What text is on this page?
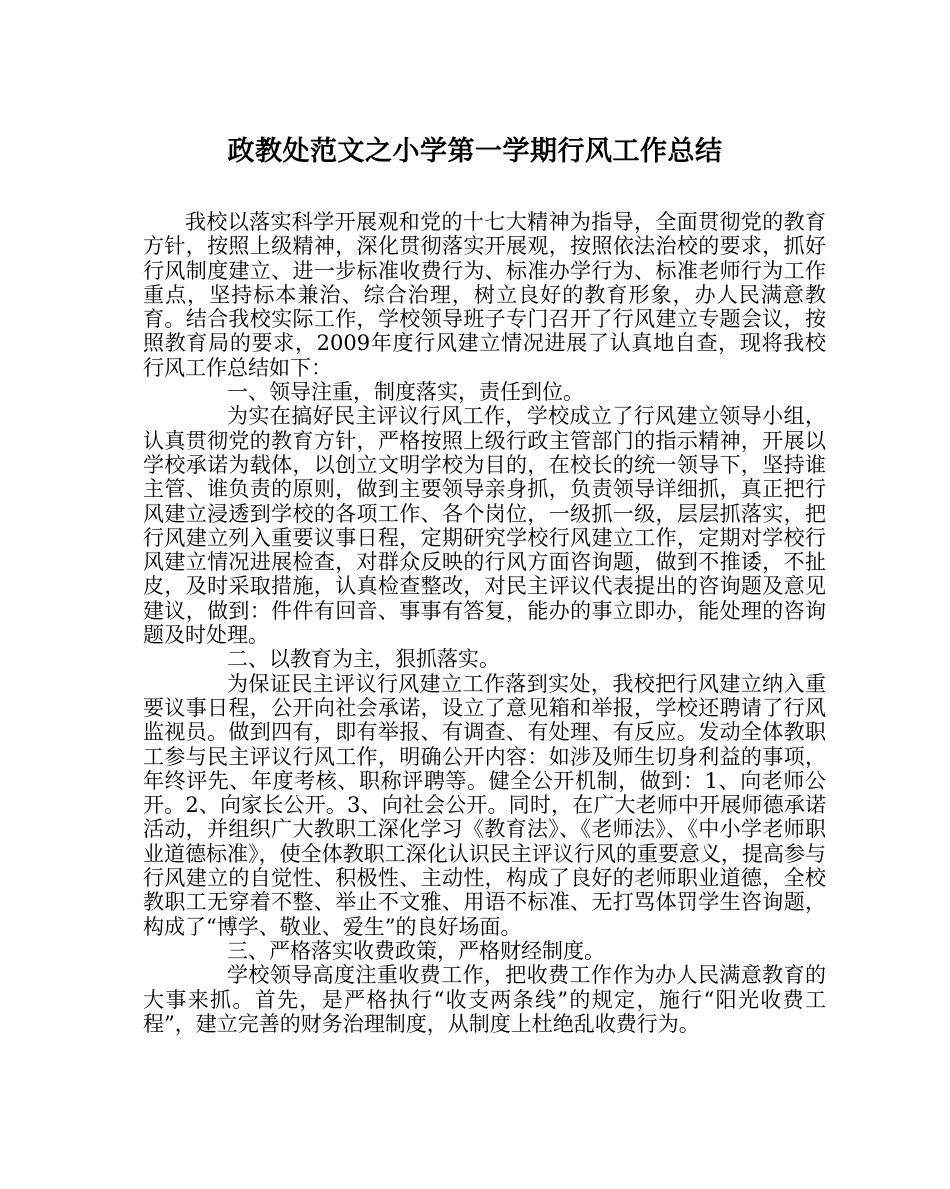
政教处范文之小学第一学期行风工作总结

我校以落实科学开展观和党的十七大精神为指导，全面贯彻党的教育方针，按照上级精神，深化贯彻落实开展观，按照依法治校的要求，抓好行风制度建立、进一步标准收费行为、标准办学行为、标准老师行为工作重点，坚持标本兼治、综合治理，树立良好的教育形象，办人民满意教育。结合我校实际工作，学校领导班子专门召开了行风建立专题会议，按照教育局的要求，2009年度行风建立情况进展了认真地自查，现将我校行风工作总结如下：

一、领导注重，制度落实，责任到位。

为实在搞好民主评议行风工作，学校成立了行风建立领导小组，认真贯彻党的教育方针，严格按照上级行政主管部门的指示精神，开展以学校承诺为载体，以创立文明学校为目的，在校长的统一领导下，坚持谁主管、谁负责的原则，做到主要领导亲身抓，负责领导详细抓，真正把行风建立浸透到学校的各项工作、各个岗位，一级抓一级，层层抓落实，把行风建立列入重要议事日程，定期研究学校行风建立工作，定期对学校行风建立情况进展检查，对群众反映的行风方面咨询题，做到不推诿，不扯皮，及时采取措施，认真检查整改，对民主评议代表提出的咨询题及意见建议，做到：件件有回音、事事有答复，能办的事立即办，能处理的咨询题及时处理。

二、以教育为主，狠抓落实。

为保证民主评议行风建立工作落到实处，我校把行风建立纳入重要议事日程，公开向社会承诺，设立了意见箱和举报，学校还聘请了行风监视员。做到四有，即有举报、有调查、有处理、有反应。发动全体教职工参与民主评议行风工作，明确公开内容：如涉及师生切身利益的事项，年终评先、年度考核、职称评聘等。健全公开机制，做到：1、向老师公开。2、向家长公开。3、向社会公开。同时，在广大老师中开展师德承诺活动，并组织广大教职工深化学习《教育法》、《老师法》、《中小学老师职业道德标准》，使全体教职工深化认识民主评议行风的重要意义，提高参与行风建立的自觉性、积极性、主动性，构成了良好的老师职业道德，全校教职工无穿着不整、举止不文雅、用语不标准、无打骂体罚学生咨询题，构成了“博学、敬业、爱生”的良好场面。

三、严格落实收费政策，严格财经制度。

学校领导高度注重收费工作，把收费工作作为办人民满意教育的大事来抓。首先，是严格执行“收支两条线”的规定，施行“阳光收费工程”，建立完善的财务治理制度，从制度上杜绝乱收费行为。
